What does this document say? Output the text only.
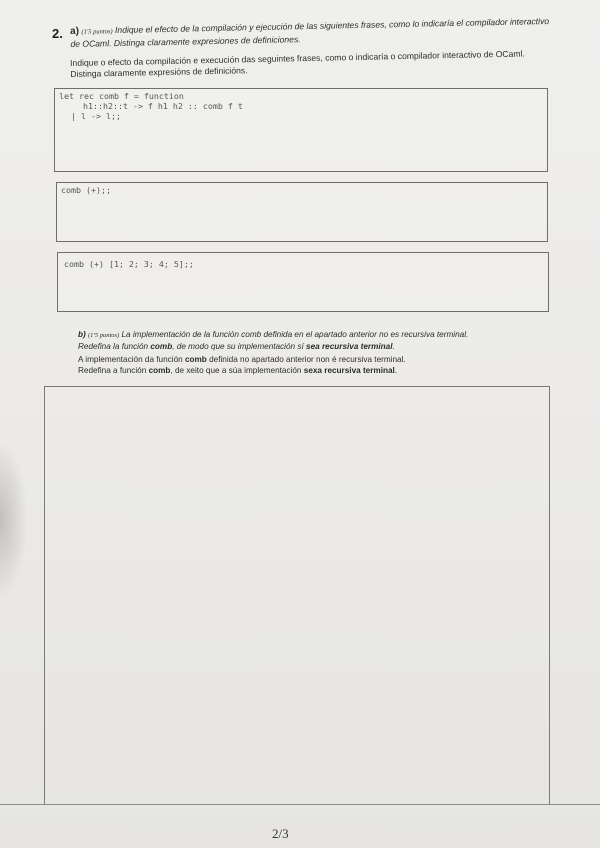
2. a) (1'5 puntos) Indique el efecto de la compilación y ejecución de las siguientes frases, como lo indicaría el compilador interactivo de OCaml. Distinga claramente expresiones de definiciones.
Indique o efecto da compilación e execución das seguintes frases, como o indicaría o compilador interactivo de OCaml. Distinga claramente expresións de definicións.
let rec comb f = function
h1::h2::t -> f h1 h2 :: comb f t
| l -> l;;
comb (+);;
comb (+) [1; 2; 3; 4; 5];;
b) (1'5 puntos) La implementación de la función comb definida en el apartado anterior no es recursiva terminal.
Redefina la función comb, de modo que su implementación sí sea recursiva terminal.
A implementación da función comb definida no apartado anterior non é recursiva terminal.
Redefina a función comb, de xeito que a súa implementación sexa recursiva terminal.
2/3
